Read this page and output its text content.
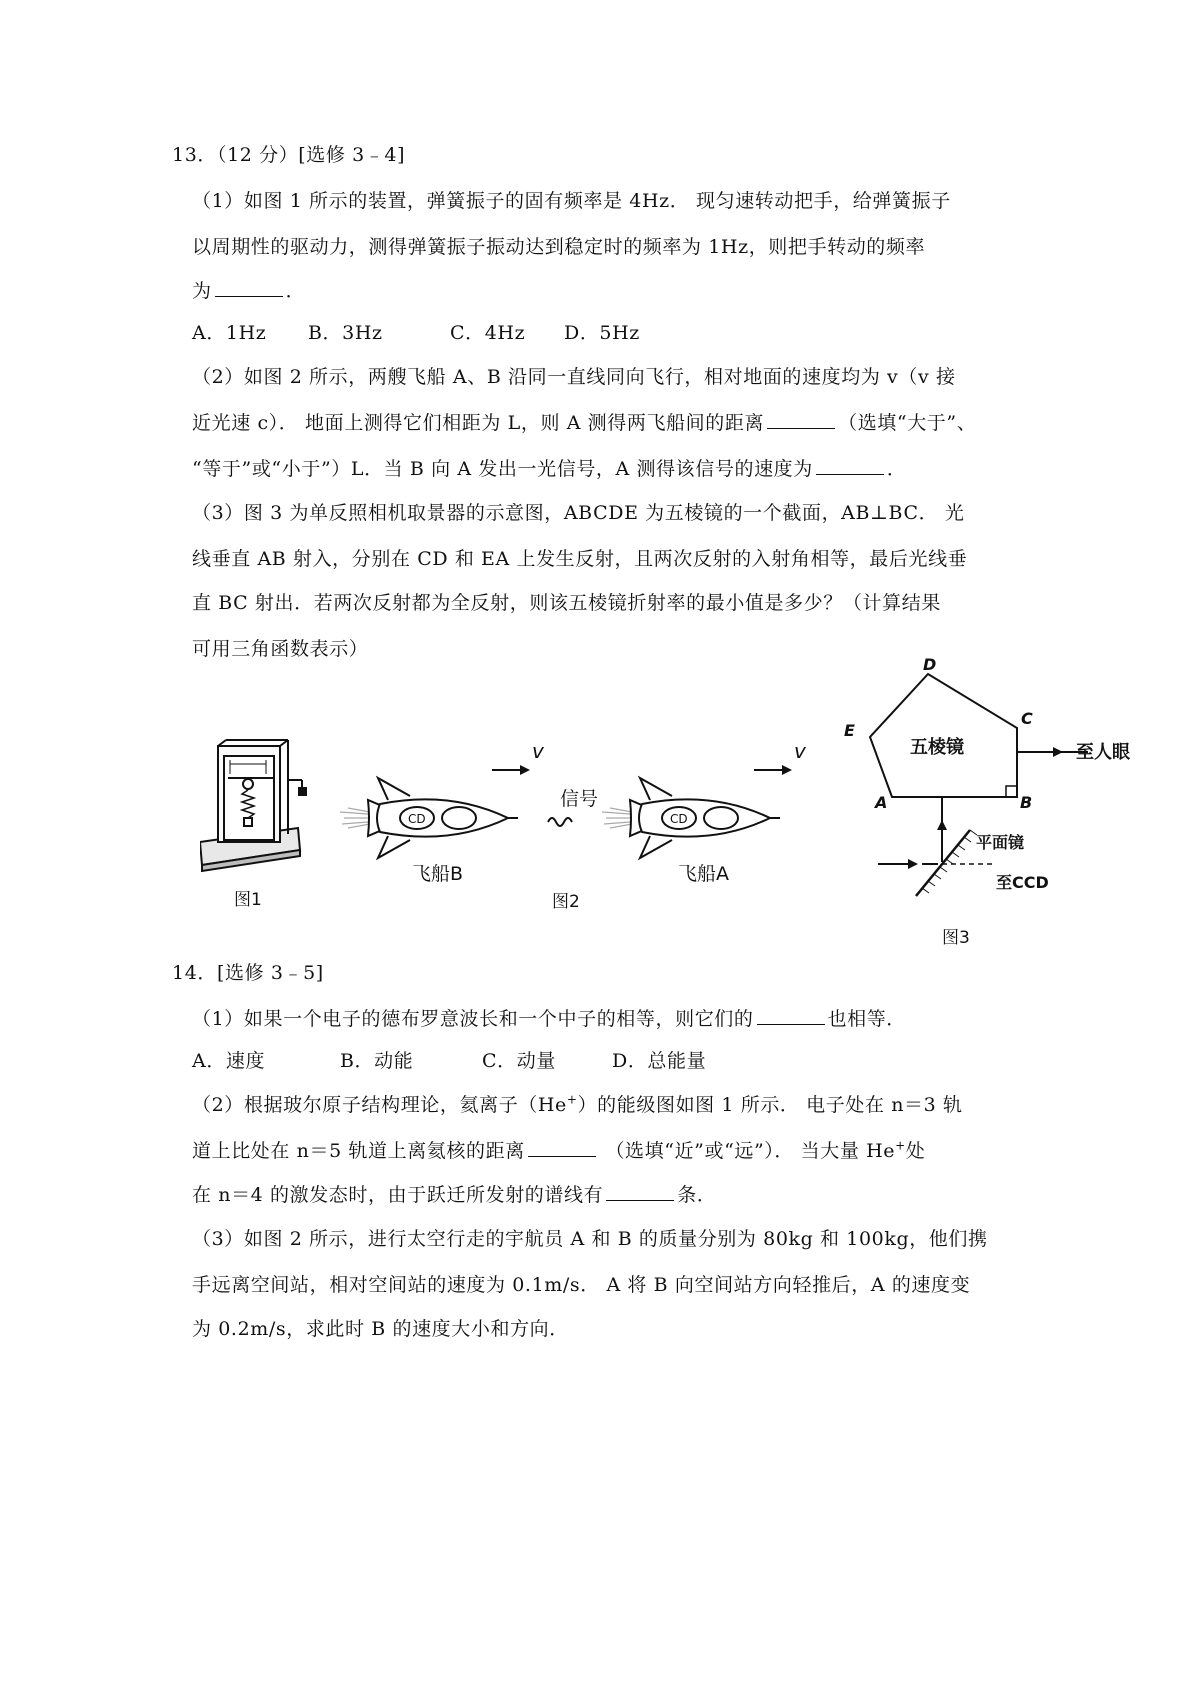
13．（12 分）[选修 3﹣4]
（1）如图 1 所示的装置，弹簧振子的固有频率是 4Hz． 现匀速转动把手，给弹簧振子
以周期性的驱动力，测得弹簧振子振动达到稳定时的频率为 1Hz，则把手转动的频率
为	．
A．1Hz B．3Hz	C．4Hz D．5Hz
（2）如图 2 所示，两艘飞船 A、B 沿同一直线同向飞行，相对地面的速度均为 v（v 接
近光速 c）． 地面上测得它们相距为 L，则 A 测得两飞船间的距离	（选填“大于”、
“等于”或“小于”）L．当 B 向 A 发出一光信号，A 测得该信号的速度为	．
（3）图 3 为单反照相机取景器的示意图，ABCDE 为五棱镜的一个截面，AB⊥BC． 光
线垂直 AB 射入，分别在 CD 和 EA 上发生反射，且两次反射的入射角相等，最后光线垂
直 BC 射出．若两次反射都为全反射，则该五棱镜折射率的最小值是多少？（计算结果
可用三角函数表示）
图1
CD
飞船B
信号
CD
飞船A
v	v
图2
D
C
E
A	B
五棱镜	至人眼
平面镜
至CCD
图3
14．[选修 3﹣5]
（1）如果一个电子的德布罗意波长和一个中子的相等，则它们的	也相等．
A．速度	B．动能	C．动量	D．总能量
（2）根据玻尔原子结构理论，氦离子（He+）的能级图如图 1 所示． 电子处在 n＝3 轨
道上比处在 n＝5 轨道上离氦核的距离	（选填“近”或“远”）． 当大量 He+处
在 n＝4 的激发态时，由于跃迁所发射的谱线有	条．
（3）如图 2 所示，进行太空行走的宇航员 A 和 B 的质量分别为 80kg 和 100kg，他们携
手远离空间站，相对空间站的速度为 0.1m/s． A 将 B 向空间站方向轻推后，A 的速度变
为 0.2m/s，求此时 B 的速度大小和方向．
